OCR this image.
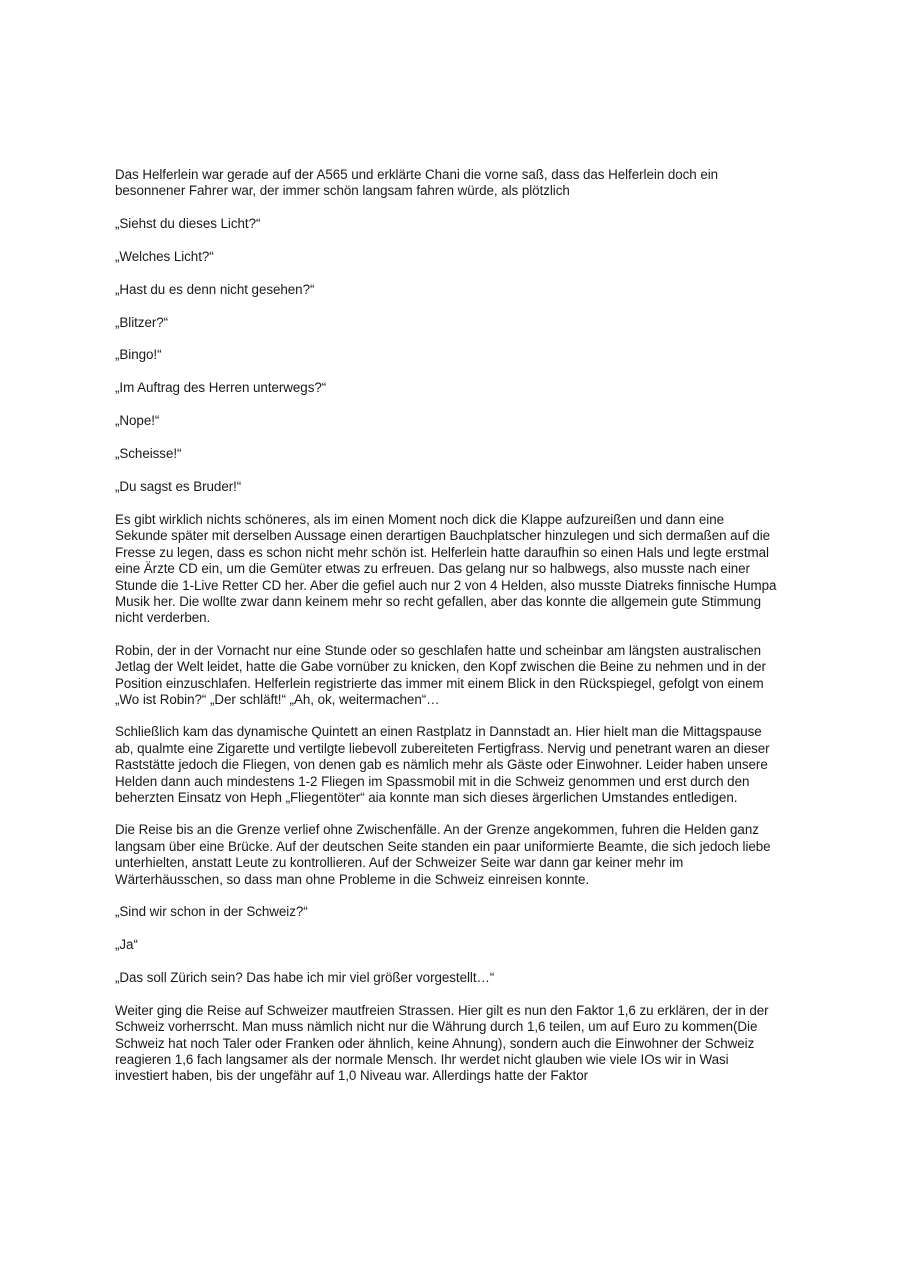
Das Helferlein war gerade auf der A565 und erklärte Chani die vorne saß, dass das Helferlein doch ein besonnener Fahrer war, der immer schön langsam fahren würde, als plötzlich

„Siehst du dieses Licht?“

„Welches Licht?“

„Hast du es denn nicht gesehen?“

„Blitzer?“

„Bingo!“

„Im Auftrag des Herren unterwegs?“

„Nope!“

„Scheisse!“

„Du sagst es Bruder!“

Es gibt wirklich nichts schöneres, als im einen Moment noch dick die Klappe aufzureißen und dann eine Sekunde später mit derselben Aussage einen derartigen Bauchplatscher hinzulegen und sich dermaßen auf die Fresse zu legen, dass es schon nicht mehr schön ist. Helferlein hatte daraufhin so einen Hals und legte erstmal eine Ärzte CD ein, um die Gemüter etwas zu erfreuen. Das gelang nur so halbwegs, also musste nach einer Stunde die 1-Live Retter CD her. Aber die gefiel auch nur 2 von 4 Helden, also musste Diatreks finnische Humpa Musik her. Die wollte zwar dann keinem mehr so recht gefallen, aber das konnte die allgemein gute Stimmung nicht verderben.

Robin, der in der Vornacht nur eine Stunde oder so geschlafen hatte und scheinbar am längsten australischen Jetlag der Welt leidet, hatte die Gabe vornüber zu knicken, den Kopf zwischen die Beine zu nehmen und in der Position einzuschlafen. Helferlein registrierte das immer mit einem Blick in den Rückspiegel, gefolgt von einem „Wo ist Robin?“ „Der schläft!“ „Ah, ok, weitermachen“…

Schließlich kam das dynamische Quintett an einen Rastplatz in Dannstadt an. Hier hielt man die Mittagspause ab, qualmte eine Zigarette und vertilgte liebevoll zubereiteten Fertigfrass. Nervig und penetrant waren an dieser Raststätte jedoch die Fliegen, von denen gab es nämlich mehr als Gäste oder Einwohner. Leider haben unsere Helden dann auch mindestens 1-2 Fliegen im Spassmobil mit in die Schweiz genommen und erst durch den beherzten Einsatz von Heph „Fliegentöter“ aia konnte man sich dieses ärgerlichen Umstandes entledigen.

Die Reise bis an die Grenze verlief ohne Zwischenfälle. An der Grenze angekommen, fuhren die Helden ganz langsam über eine Brücke. Auf der deutschen Seite standen ein paar uniformierte Beamte, die sich jedoch liebe unterhielten, anstatt Leute zu kontrollieren. Auf der Schweizer Seite war dann gar keiner mehr im Wärterhäusschen, so dass man ohne Probleme in die Schweiz einreisen konnte.

„Sind wir schon in der Schweiz?“

„Ja“

„Das soll Zürich sein? Das habe ich mir viel größer vorgestellt…“

Weiter ging die Reise auf Schweizer mautfreien Strassen. Hier gilt es nun den Faktor 1,6 zu erklären, der in der Schweiz vorherrscht. Man muss nämlich nicht nur die Währung durch 1,6 teilen, um auf Euro zu kommen(Die Schweiz hat noch Taler oder Franken oder ähnlich, keine Ahnung), sondern auch die Einwohner der Schweiz reagieren 1,6 fach langsamer als der normale Mensch. Ihr werdet nicht glauben wie viele IOs wir in Wasi investiert haben, bis der ungefähr auf 1,0 Niveau war. Allerdings hatte der Faktor
